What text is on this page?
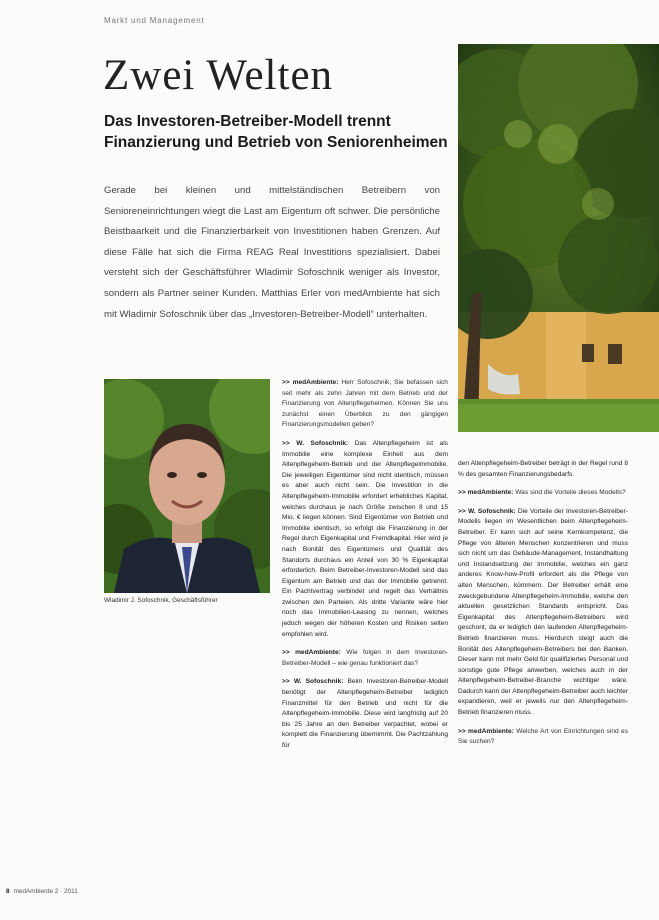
Markt und Management
Zwei Welten
Das Investoren-Betreiber-Modell trennt Finanzierung und Betrieb von Seniorenheimen

Gerade bei kleinen und mittelständischen Betreibern von Senioreneinrichtungen wiegt die Last am Eigentum oft schwer. Die persönliche Beistbaarkeit und die Finanzierbarkeit von Investitionen haben Grenzen. Auf diese Fälle hat sich die Firma REAG Real Investitions spezialisiert. Dabei versteht sich der Geschäftsführer Wladimir Sofoschnik weniger als Investor, sondern als Partner seiner Kunden. Matthias Erler von medAmbiente hat sich mit Wladimir Sofoschnik über das „Investoren-Betreiber-Modell“ unterhalten.

Wladimir J. Sofoschnik, Geschäftsführer

>> medAmbiente: Herr Sofoschnik, Sie befassen sich seit mehr als zehn Jahren mit dem Betrieb und der Finanzierung von Altenpflegeheimen. Können Sie uns zunächst einen Überblick zu den gängigen Finanzierungsmodellen geben?

>> W. Sofoschnik: Das Altenpflegeheim ist als Immobilie eine komplexe Einheit aus dem Altenpflegeheim-Betrieb und der Altenpflegeimmobilie. Die jeweiligen Eigentümer sind nicht identisch, müssen es aber auch nicht sein. Die Investition in die Altenpflegeheim-Immobilie erfordert erhebliches Kapital, welches durchaus je nach Größe zwischen 8 und 15 Mio. € liegen können. Sind Eigentümer von Betrieb und Immobilie identisch, so erfolgt die Finanzierung in der Regel durch Eigenkapital und Fremdkapital. Hier wird je nach Bonität des Eigentümers und Qualität des Standorts durchaus ein Anteil von 30 % Eigenkapital erforderlich. Beim Betreiber-Investoren-Modell sind das Eigentum am Betrieb und das der Immobilie getrennt. Ein Pachtvertrag verbindet und regelt das Verhältnis zwischen den Parteien. Als dritte Variante wäre hier noch das Immobilien-Leasing zu nennen, welches jedoch wegen der höheren Kosten und Risiken selten empfohlen wird.

>> medAmbiente: Wie folgen in dem Investoren-Betreiber-Modell – wie genau funktioniert das?

>> W. Sofoschnik: Beim Investoren-Betreiber-Modell benötigt der Altenpflegeheim-Betreiber lediglich Finanzmittel für den Betrieb und nicht für die Altenpflegeheim-Immobilie. Diese wird langfristig auf 20 bis 25 Jahre an den Betreiber verpachtet, wobei er komplett die Finanzierung übernimmt. Die Pachtzahlung für

den Altenpflegeheim-Betreiber beträgt in der Regel rund 8 % des gesamten Finanzierungsbedarfs.

>> medAmbiente: Was sind die Vorteile dieses Modells?

>> W. Sofoschnik: Die Vorteile der Investoren-Betreiber-Modells liegen im Wesentlichen beim Altenpflegeheim-Betreiber. Er kann sich auf seine Kernkompetenz, die Pflege von älteren Menschen konzentrieren und muss sich nicht um das Gebäude-Management, Instandhaltung und Instandsetzung der Immobilie, welches ein ganz anderes Know-how-Profil erfordert als die Pflege von alten Menschen, kümmern. Der Betreiber erhält eine zweckgebundene Altenpflegeheim-Immobilie, welche den aktuellen gesetzlichen Standards entspricht. Das Eigenkapital des Altenpflegeheim-Betreibers wird geschont, da er lediglich den laufenden Altenpflegeheim-Betrieb finanzieren muss. Hierdurch steigt auch die Bonität des Altenpflegeheim-Betreibers bei den Banken. Dieser kann mit mehr Geld für qualifiziertes Personal und sonstige gute Pflege anwerben, welches auch in der Altenpflegeheim-Betreiber-Branche wichtiger wäre. Dadurch kann der Altenpflegeheim-Betreiber auch leichter expandieren, weil er jeweils nur den Altenpflegeheim-Betrieb finanzieren muss.

>> medAmbiente: Welche Art von Einrichtungen sind es Sie suchen?

8 medAmbiente 2 · 2011
